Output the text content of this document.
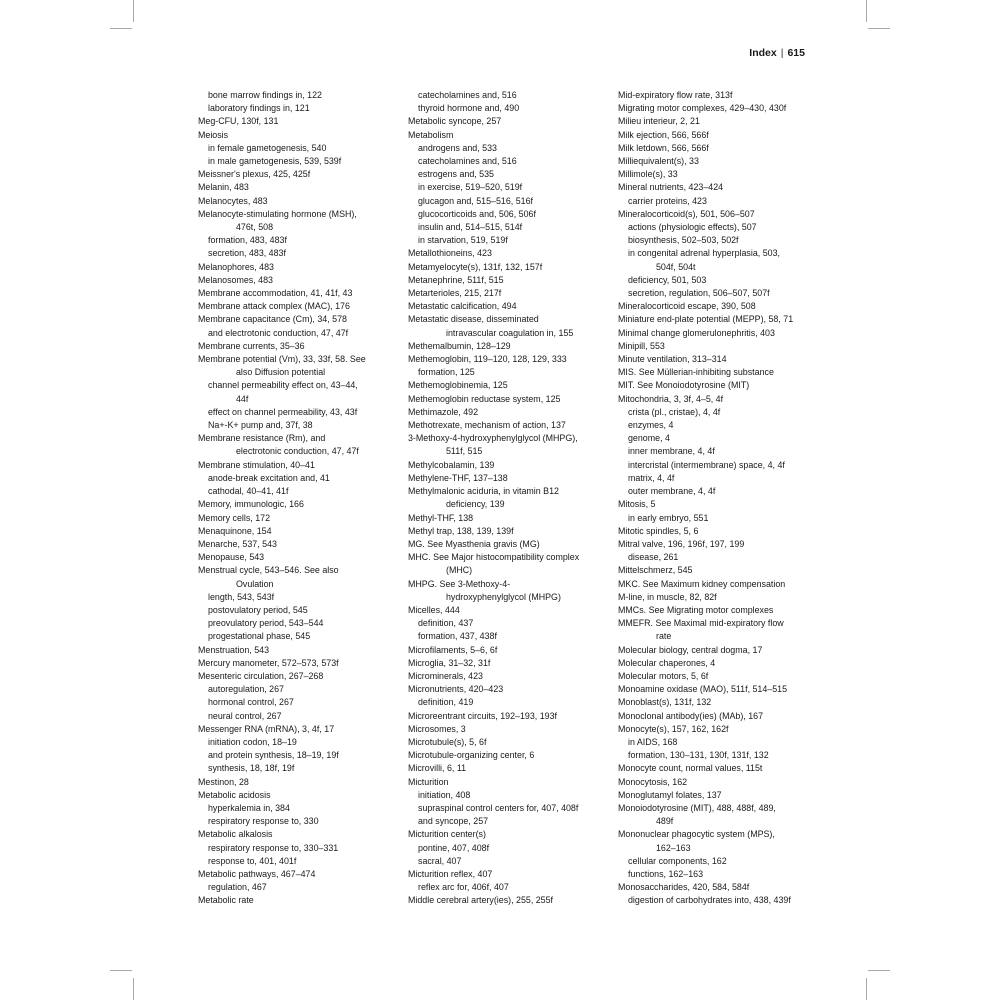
Index | 615
bone marrow findings in, 122
laboratory findings in, 121
Meg-CFU, 130f, 131
Meiosis
in female gametogenesis, 540
in male gametogenesis, 539, 539f
Meissner's plexus, 425, 425f
Melanin, 483
Melanocytes, 483
Melanocyte-stimulating hormone (MSH),
476t, 508
formation, 483, 483f
secretion, 483, 483f
Melanophores, 483
Melanosomes, 483
Membrane accommodation, 41, 41f, 43
Membrane attack complex (MAC), 176
Membrane capacitance (Cm), 34, 578
and electrotonic conduction, 47, 47f
Membrane currents, 35–36
Membrane potential (Vm), 33, 33f, 58. See
also Diffusion potential
channel permeability effect on, 43–44,
44f
effect on channel permeability, 43, 43f
Na+-K+ pump and, 37f, 38
Membrane resistance (Rm), and
electrotonic conduction, 47, 47f
Membrane stimulation, 40–41
anode-break excitation and, 41
cathodal, 40–41, 41f
Memory, immunologic, 166
Memory cells, 172
Menaquinone, 154
Menarche, 537, 543
Menopause, 543
Menstrual cycle, 543–546. See also
Ovulation
length, 543, 543f
postovulatory period, 545
preovulatory period, 543–544
progestational phase, 545
Menstruation, 543
Mercury manometer, 572–573, 573f
Mesenteric circulation, 267–268
autoregulation, 267
hormonal control, 267
neural control, 267
Messenger RNA (mRNA), 3, 4f, 17
initiation codon, 18–19
and protein synthesis, 18–19, 19f
synthesis, 18, 18f, 19f
Mestinon, 28
Metabolic acidosis
hyperkalemia in, 384
respiratory response to, 330
Metabolic alkalosis
respiratory response to, 330–331
response to, 401, 401f
Metabolic pathways, 467–474
regulation, 467
Metabolic rate
catecholamines and, 516
thyroid hormone and, 490
Metabolic syncope, 257
Metabolism
androgens and, 533
catecholamines and, 516
estrogens and, 535
in exercise, 519–520, 519f
glucagon and, 515–516, 516f
glucocorticoids and, 506, 506f
insulin and, 514–515, 514f
in starvation, 519, 519f
Metallothioneins, 423
Metamyelocyte(s), 131f, 132, 157f
Metanephrine, 511f, 515
Metarterioles, 215, 217f
Metastatic calcification, 494
Metastatic disease, disseminated
intravascular coagulation in, 155
Methemalbumin, 128–129
Methemoglobin, 119–120, 128, 129, 333
formation, 125
Methemoglobinemia, 125
Methemoglobin reductase system, 125
Methimazole, 492
Methotrexate, mechanism of action, 137
3-Methoxy-4-hydroxyphenylglycol (MHPG),
511f, 515
Methylcobalamin, 139
Methylene-THF, 137–138
Methylmalonic aciduria, in vitamin B12
deficiency, 139
Methyl-THF, 138
Methyl trap, 138, 139, 139f
MG. See Myasthenia gravis (MG)
MHC. See Major histocompatibility complex
(MHC)
MHPG. See 3-Methoxy-4-
hydroxyphenylglycol (MHPG)
Micelles, 444
definition, 437
formation, 437, 438f
Microfilaments, 5–6, 6f
Microglia, 31–32, 31f
Microminerals, 423
Micronutrients, 420–423
definition, 419
Microreentrant circuits, 192–193, 193f
Microsomes, 3
Microtubule(s), 5, 6f
Microtubule-organizing center, 6
Microvilli, 6, 11
Micturition
initiation, 408
supraspinal control centers for, 407, 408f
and syncope, 257
Micturition center(s)
pontine, 407, 408f
sacral, 407
Micturition reflex, 407
reflex arc for, 406f, 407
Middle cerebral artery(ies), 255, 255f
Mid-expiratory flow rate, 313f
Migrating motor complexes, 429–430, 430f
Milieu interieur, 2, 21
Milk ejection, 566, 566f
Milk letdown, 566, 566f
Milliequivalent(s), 33
Millimole(s), 33
Mineral nutrients, 423–424
carrier proteins, 423
Mineralocorticoid(s), 501, 506–507
actions (physiologic effects), 507
biosynthesis, 502–503, 502f
in congenital adrenal hyperplasia, 503,
504f, 504t
deficiency, 501, 503
secretion, regulation, 506–507, 507f
Mineralocorticoid escape, 390, 508
Miniature end-plate potential (MEPP), 58, 71
Minimal change glomerulonephritis, 403
Minipill, 553
Minute ventilation, 313–314
MIS. See Müllerian-inhibiting substance
MIT. See Monoiodotyrosine (MIT)
Mitochondria, 3, 3f, 4–5, 4f
crista (pl., cristae), 4, 4f
enzymes, 4
genome, 4
inner membrane, 4, 4f
intercristal (intermembrane) space, 4, 4f
matrix, 4, 4f
outer membrane, 4, 4f
Mitosis, 5
in early embryo, 551
Mitotic spindles, 5, 6
Mitral valve, 196, 196f, 197, 199
disease, 261
Mittelschmerz, 545
MKC. See Maximum kidney compensation
M-line, in muscle, 82, 82f
MMCs. See Migrating motor complexes
MMEFR. See Maximal mid-expiratory flow
rate
Molecular biology, central dogma, 17
Molecular chaperones, 4
Molecular motors, 5, 6f
Monoamine oxidase (MAO), 511f, 514–515
Monoblast(s), 131f, 132
Monoclonal antibody(ies) (MAb), 167
Monocyte(s), 157, 162, 162f
in AIDS, 168
formation, 130–131, 130f, 131f, 132
Monocyte count, normal values, 115t
Monocytosis, 162
Monoglutamyl folates, 137
Monoiodotyrosine (MIT), 488, 488f, 489,
489f
Mononuclear phagocytic system (MPS),
162–163
cellular components, 162
functions, 162–163
Monosaccharides, 420, 584, 584f
digestion of carbohydrates into, 438, 439f
